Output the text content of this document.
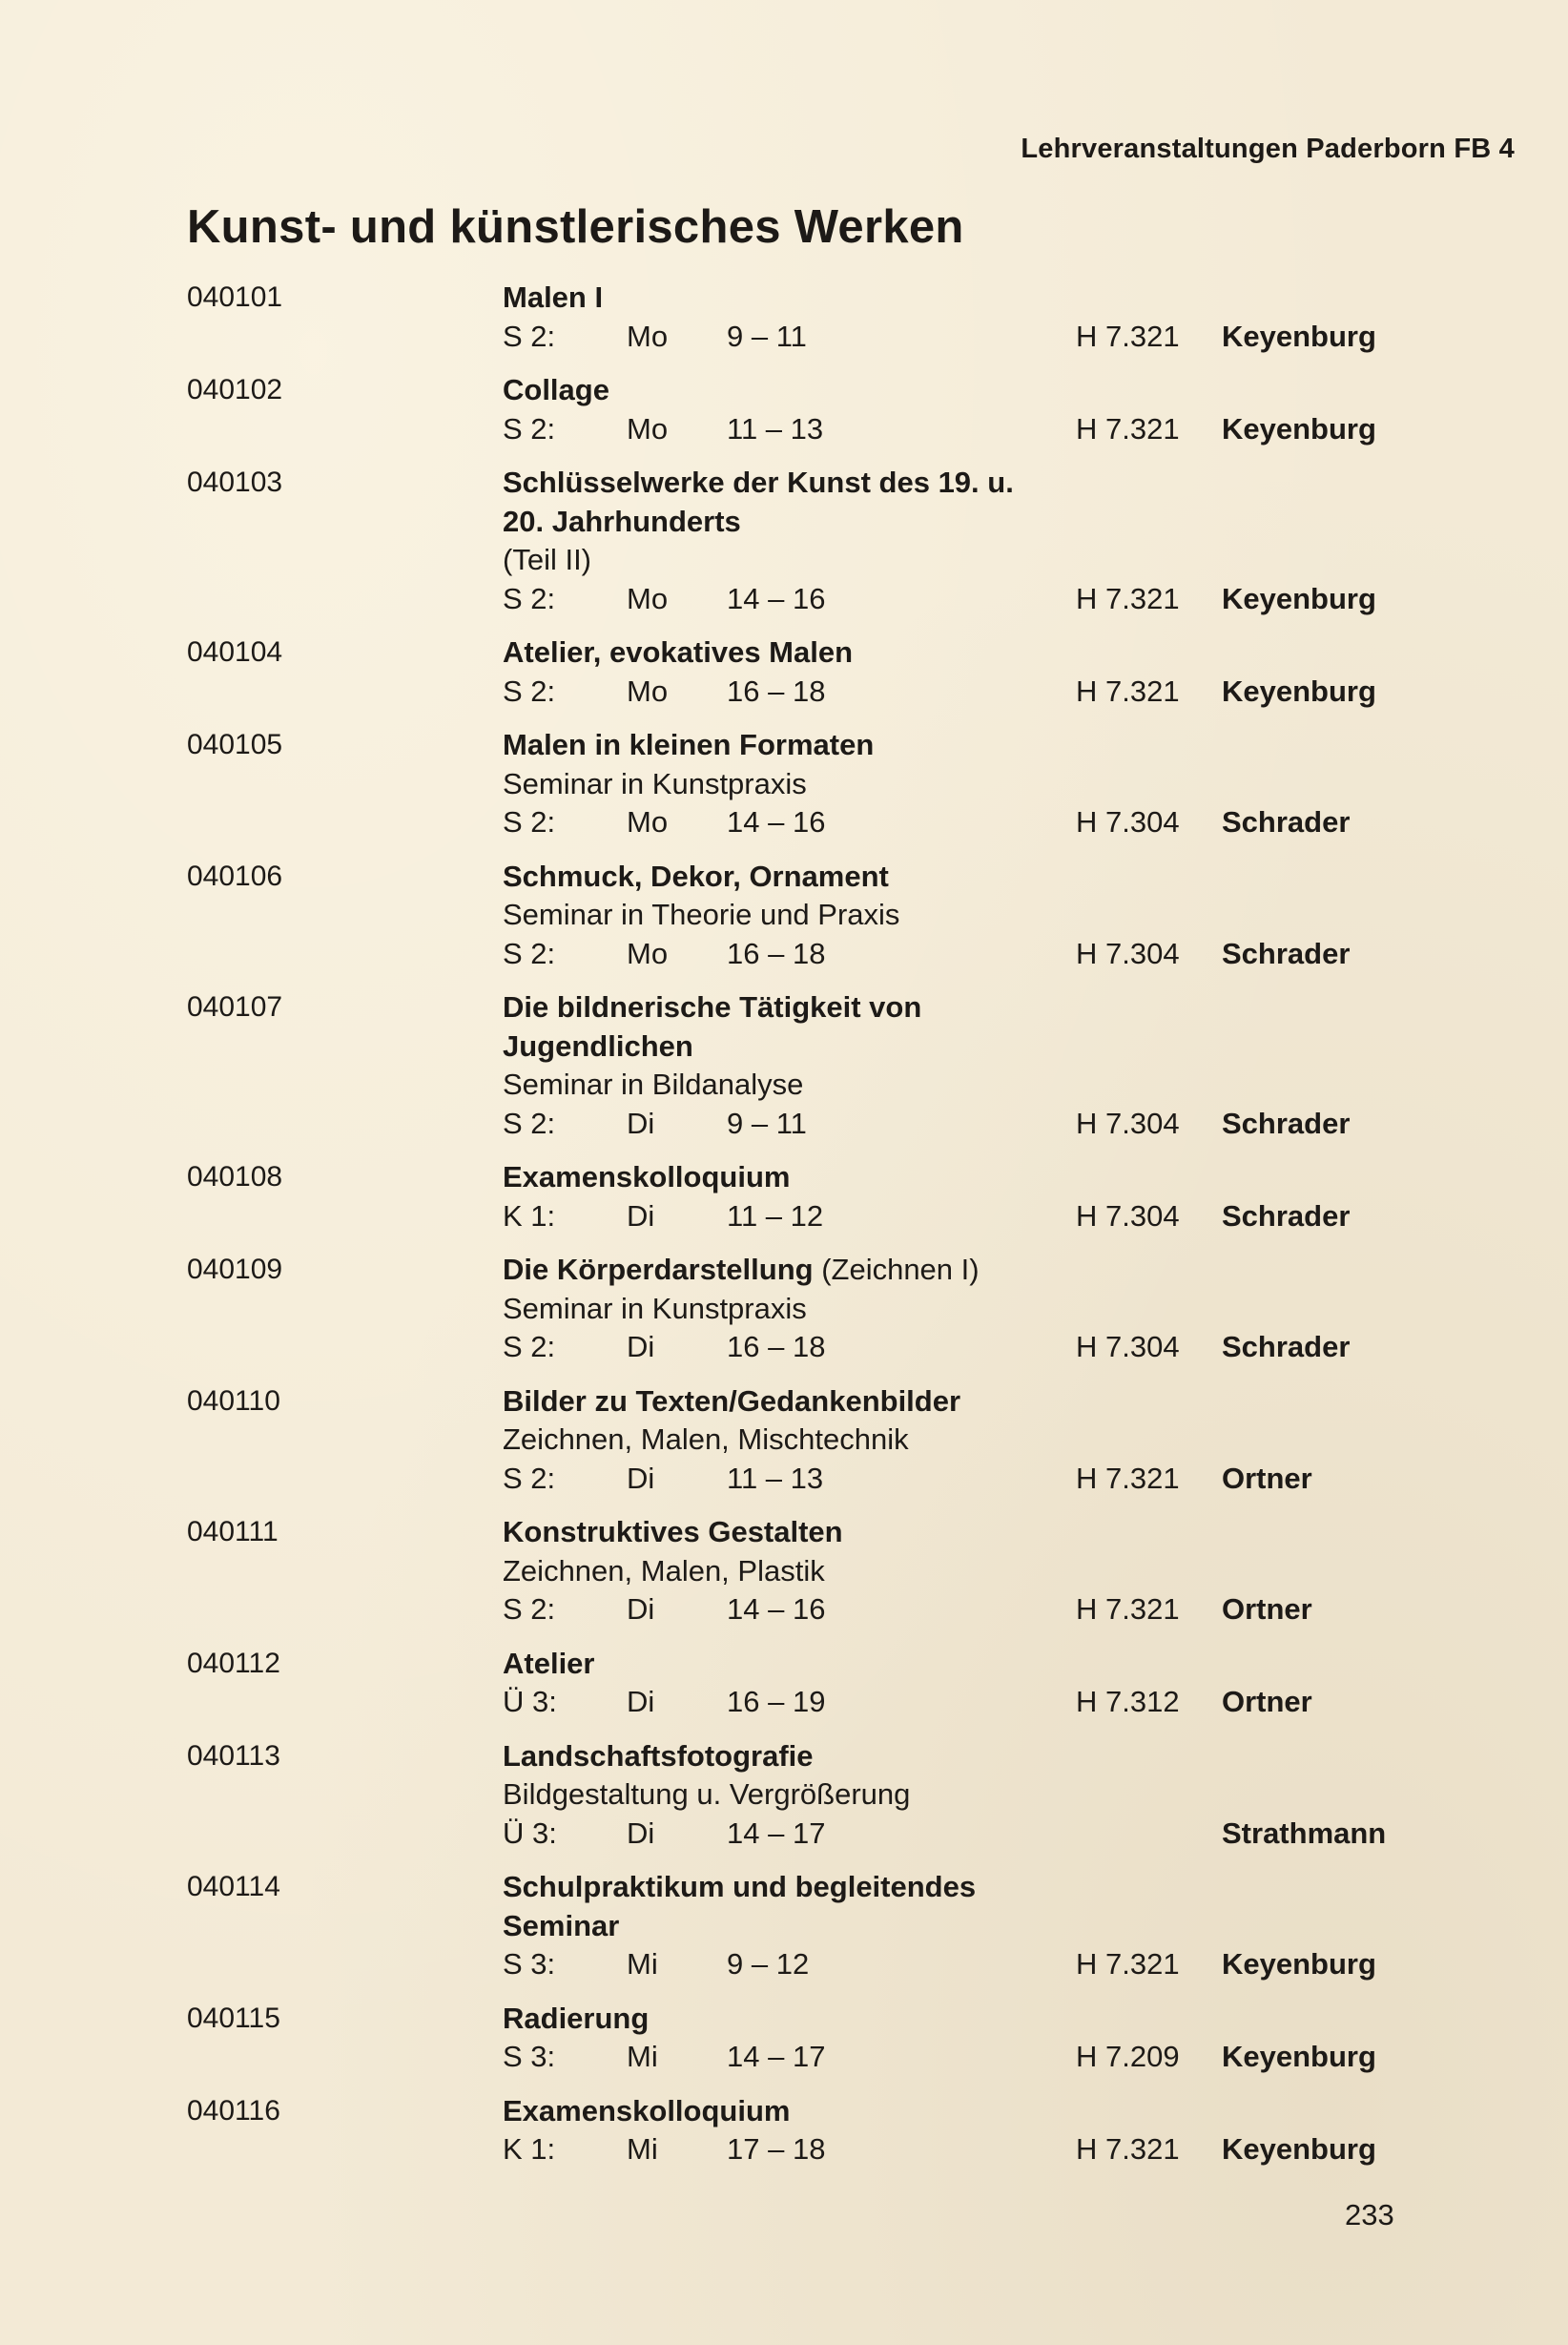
Lehrveranstaltungen Paderborn FB 4
Kunst- und künstlerisches Werken
040101	Malen I
S 2: Mo 9 – 11	H 7.321 Keyenburg
040102	Collage
S 2: Mo 11 – 13	H 7.321 Keyenburg
040103	Schlüsselwerke der Kunst des 19. u.
20. Jahrhunderts
(Teil II)
S 2: Mo 14 – 16	H 7.321 Keyenburg
040104	Atelier, evokatives Malen
S 2: Mo 16 – 18	H 7.321 Keyenburg
040105	Malen in kleinen Formaten
Seminar in Kunstpraxis
S 2: Mo 14 – 16	H 7.304 Schrader
040106	Schmuck, Dekor, Ornament
Seminar in Theorie und Praxis
S 2: Mo 16 – 18	H 7.304 Schrader
040107	Die bildnerische Tätigkeit von
Jugendlichen
Seminar in Bildanalyse
S 2: Di 9 – 11	H 7.304 Schrader
040108	Examenskolloquium
K 1: Di 11 – 12	H 7.304 Schrader
040109	Die Körperdarstellung (Zeichnen I)
Seminar in Kunstpraxis
S 2: Di 16 – 18	H 7.304 Schrader
040110	Bilder zu Texten/Gedankenbilder
Zeichnen, Malen, Mischtechnik
S 2: Di 11 – 13	H 7.321 Ortner
040111	Konstruktives Gestalten
Zeichnen, Malen, Plastik
S 2: Di 14 – 16	H 7.321 Ortner
040112	Atelier
Ü 3: Di 16 – 19	H 7.312 Ortner
040113	Landschaftsfotografie
Bildgestaltung u. Vergrößerung
Ü 3: Di 14 – 17	Strathmann
040114	Schulpraktikum und begleitendes
Seminar
S 3: Mi 9 – 12	H 7.321 Keyenburg
040115	Radierung
S 3: Mi 14 – 17	H 7.209 Keyenburg
040116	Examenskolloquium
K 1: Mi 17 – 18	H 7.321 Keyenburg
233
